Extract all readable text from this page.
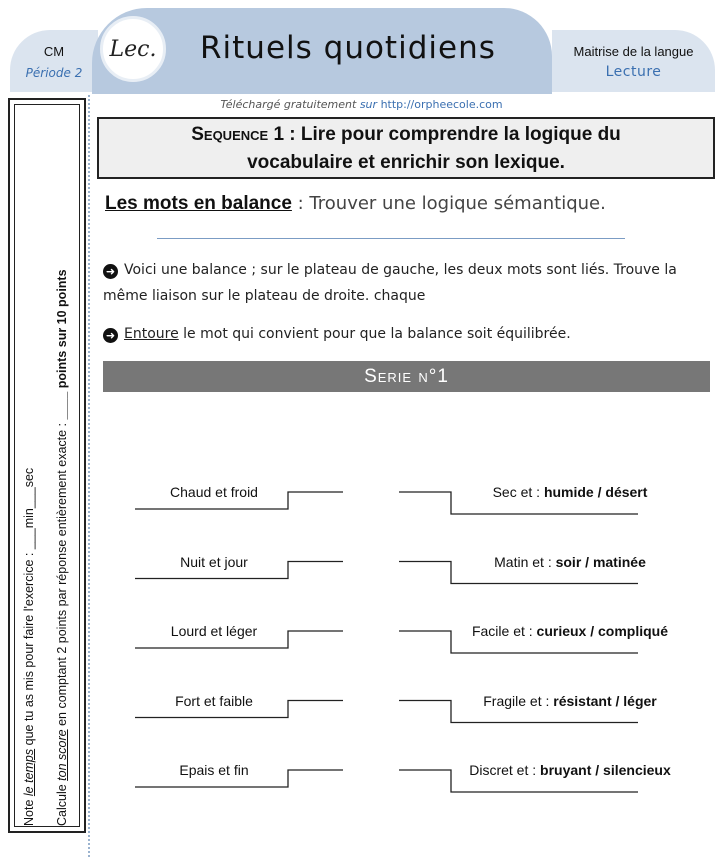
CM
Période 2
Lec.	Rituels quotidiens	Maitrise de la langue
Lecture
Téléchargé gratuitement sur http://orpheecole.com
Note le temps que tu as mis pour faire l'exercice : ___min___sec
Calcule ton score en comptant 2 points par réponse entièrement exacte : ____ points sur 10 points
Sequence 1 : Lire pour comprendre la logique du
vocabulaire et enrichir son lexique.
Les mots en balance : Trouver une logique sémantique.
➜ Voici une balance ; sur le plateau de gauche, les deux mots sont liés. Trouve la même liaison sur le plateau de droite. chaque
➜ Entoure le mot qui convient pour que la balance soit équilibrée.
Serie n°1
Chaud et froid	Sec et : humide / désert
Nuit et jour	Matin et : soir / matinée
Lourd et léger	Facile et : curieux / compliqué
Fort et faible	Fragile et : résistant / léger
Epais et fin	Discret et : bruyant / silencieux
